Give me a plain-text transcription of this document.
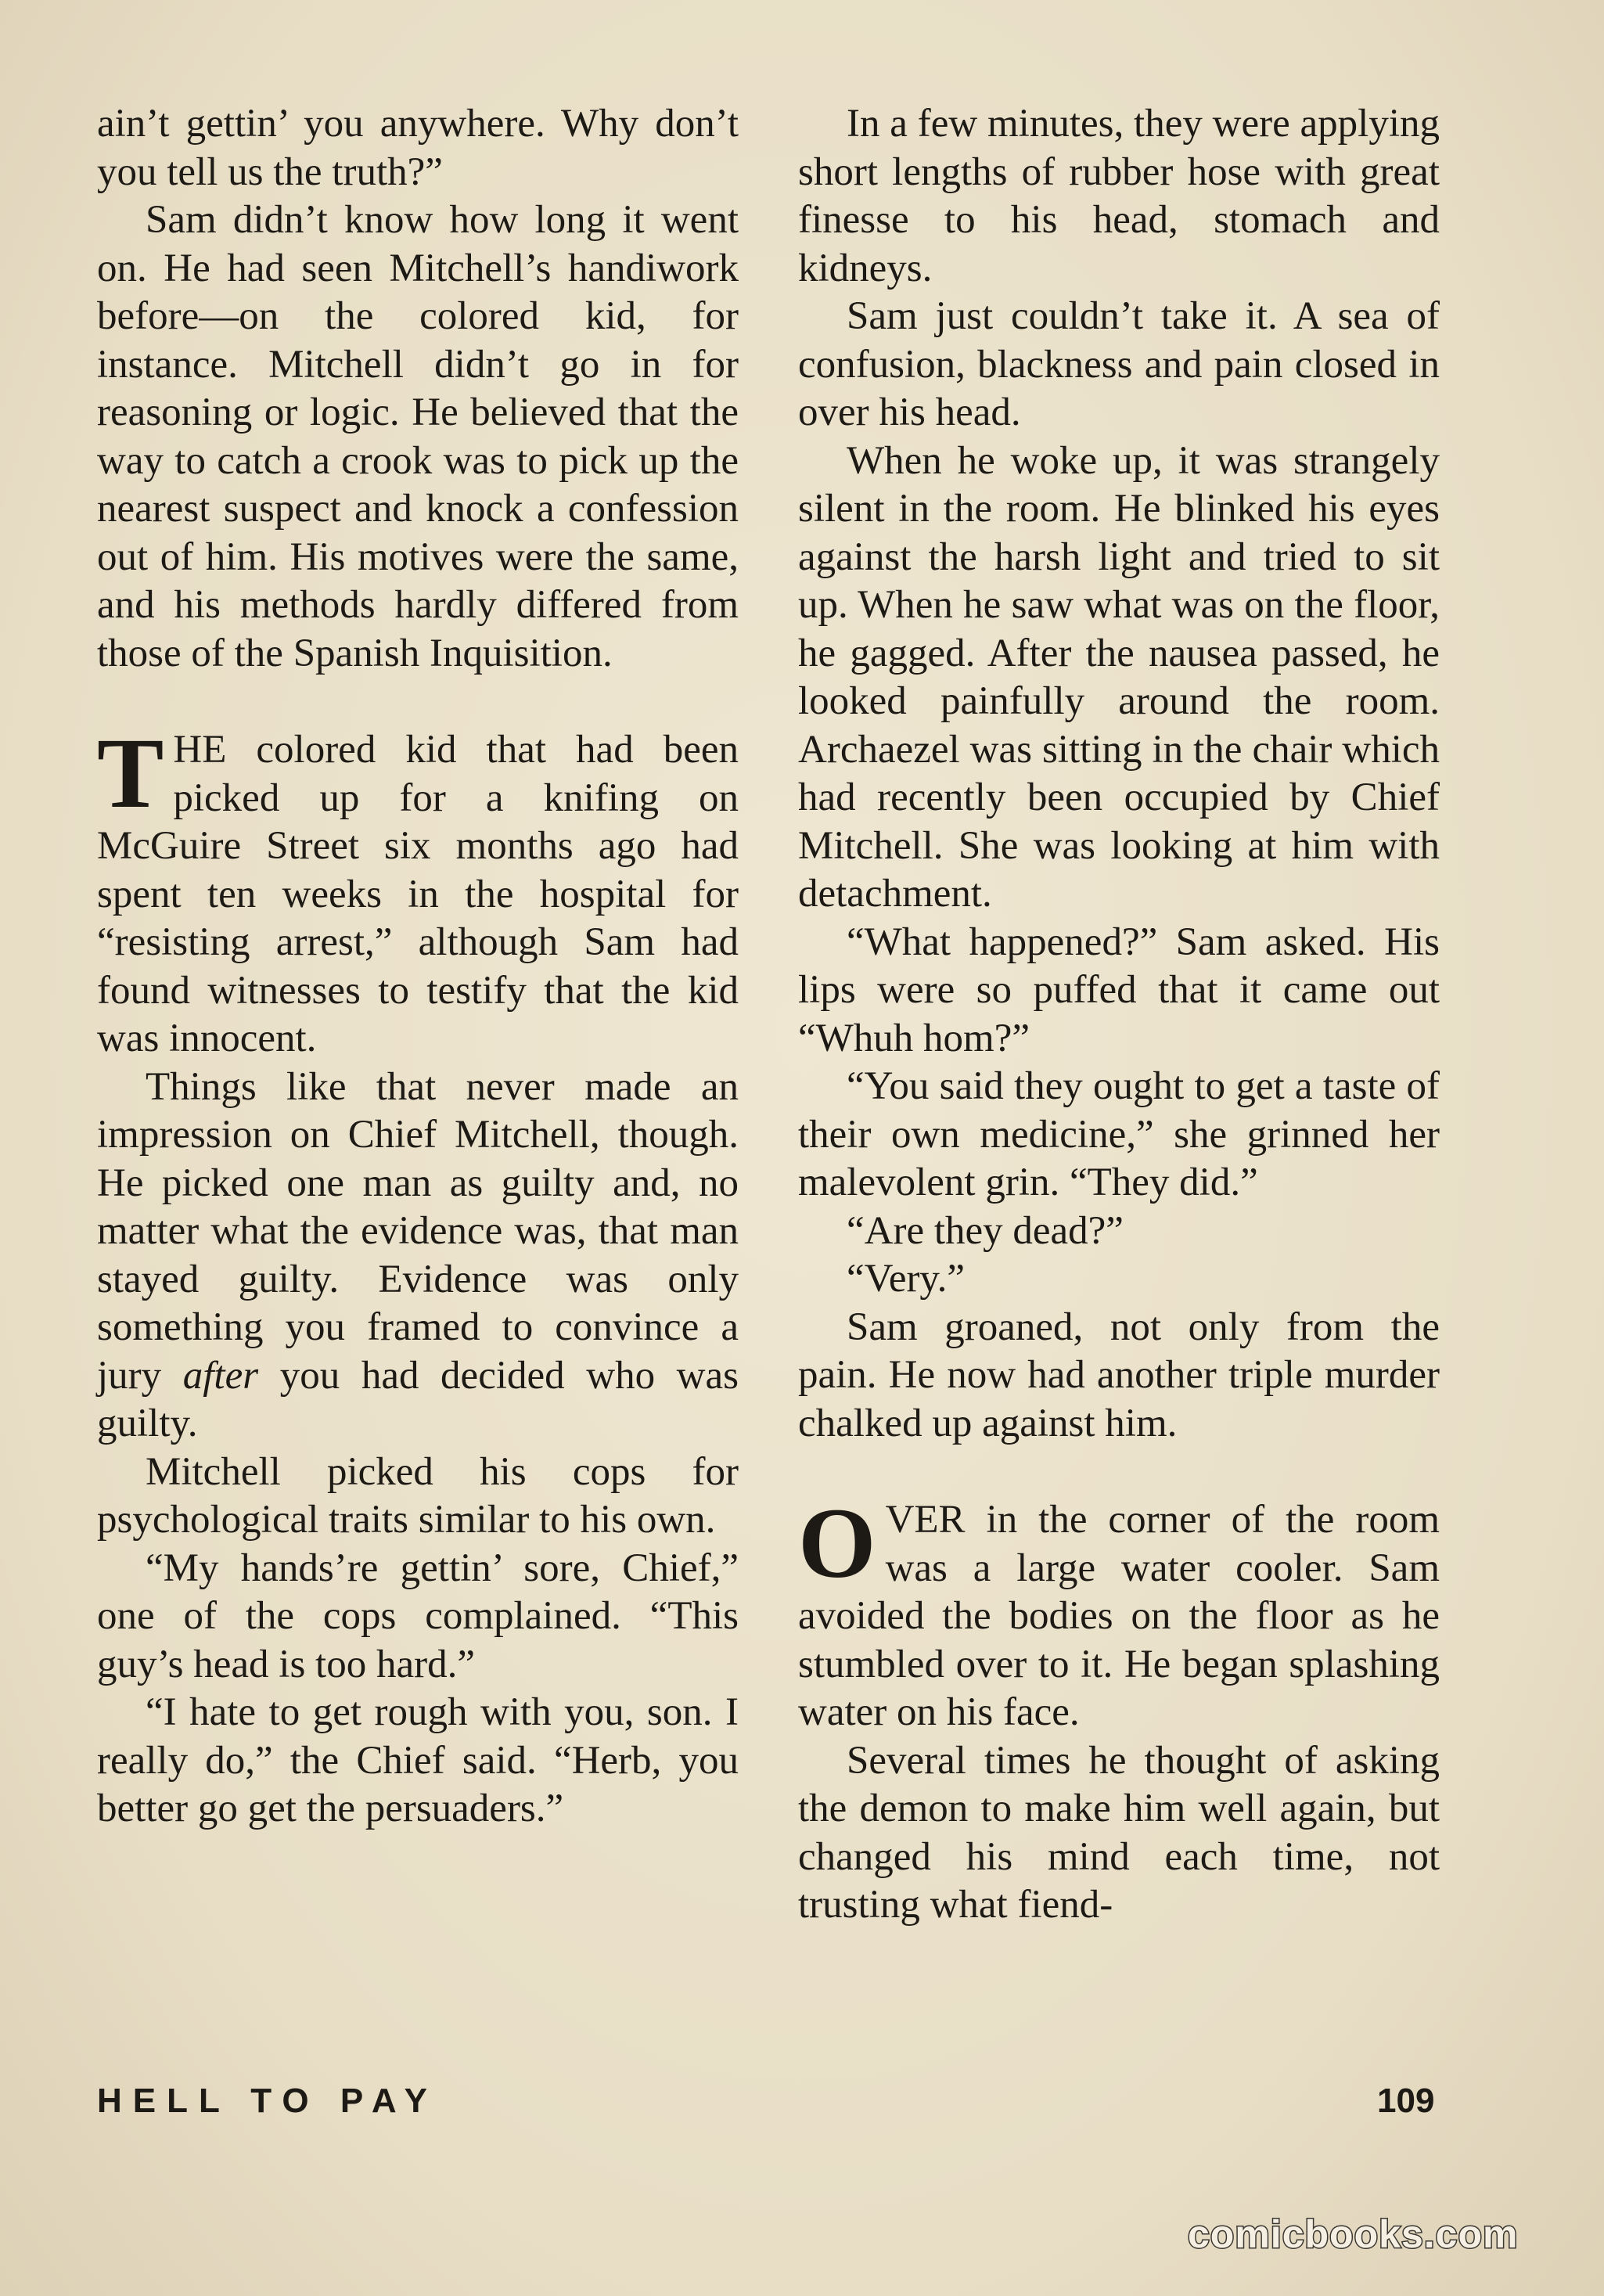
ain’t gettin’ you anywhere. Why don’t you tell us the truth?”

Sam didn’t know how long it went on. He had seen Mitchell’s handiwork before—on the colored kid, for instance. Mitchell didn’t go in for reasoning or logic. He believed that the way to catch a crook was to pick up the nearest suspect and knock a confession out of him. His motives were the same, and his methods hardly differed from those of the Spanish Inquisition.

THE colored kid that had been picked up for a knifing on McGuire Street six months ago had spent ten weeks in the hospital for “resisting arrest,” although Sam had found witnesses to testify that the kid was innocent.

Things like that never made an impression on Chief Mitchell, though. He picked one man as guilty and, no matter what the evidence was, that man stayed guilty. Evidence was only something you framed to convince a jury after you had decided who was guilty.

Mitchell picked his cops for psychological traits similar to his own.

“My hands’re gettin’ sore, Chief,” one of the cops complained. “This guy’s head is too hard.”

“I hate to get rough with you, son. I really do,” the Chief said. “Herb, you better go get the persuaders.”

In a few minutes, they were applying short lengths of rubber hose with great finesse to his head, stomach and kidneys.

Sam just couldn’t take it. A sea of confusion, blackness and pain closed in over his head.

When he woke up, it was strangely silent in the room. He blinked his eyes against the harsh light and tried to sit up. When he saw what was on the floor, he gagged. After the nausea passed, he looked painfully around the room. Archaezel was sitting in the chair which had recently been occupied by Chief Mitchell. She was looking at him with detachment.

“What happened?” Sam asked. His lips were so puffed that it came out “Whuh hom?”

“You said they ought to get a taste of their own medicine,” she grinned her malevolent grin. “They did.”

“Are they dead?”

“Very.”

Sam groaned, not only from the pain. He now had another triple murder chalked up against him.

OVER in the corner of the room was a large water cooler. Sam avoided the bodies on the floor as he stumbled over to it. He began splashing water on his face.

Several times he thought of asking the demon to make him well again, but changed his mind each time, not trusting what fiend-

HELL TO PAY	109
comicbooks.com
